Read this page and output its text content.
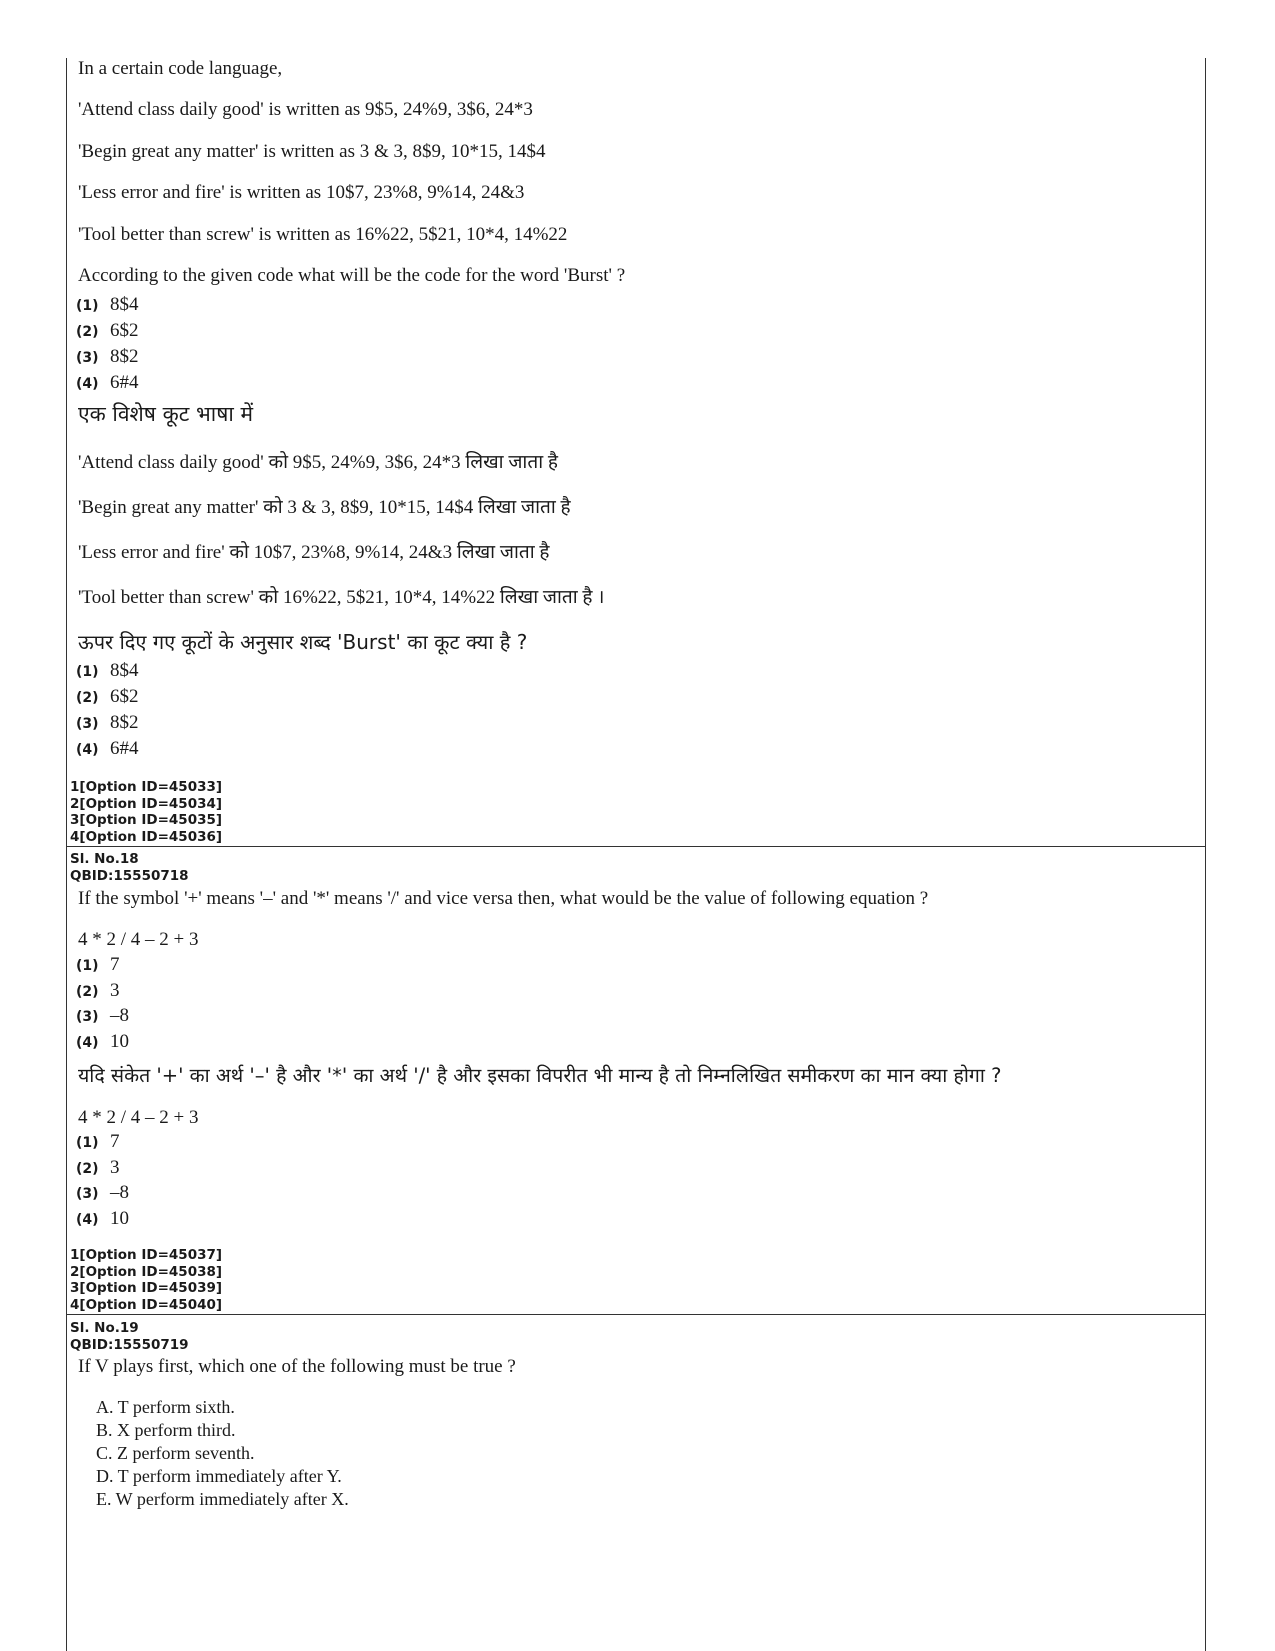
In a certain code language,
'Attend class daily good' is written as 9$5, 24%9, 3$6, 24*3
'Begin great any matter' is written as 3 & 3, 8$9, 10*15, 14$4
'Less error and fire' is written as 10$7, 23%8, 9%14, 24&3
'Tool better than screw' is written as 16%22, 5$21, 10*4, 14%22
According to the given code what will be the code for the word 'Burst' ?
(1) 8$4
(2) 6$2
(3) 8$2
(4) 6#4
एक विशेष कूट भाषा में
'Attend class daily good' को 9$5, 24%9, 3$6, 24*3 लिखा जाता है
'Begin great any matter' को 3 & 3, 8$9, 10*15, 14$4 लिखा जाता है
'Less error and fire' को 10$7, 23%8, 9%14, 24&3 लिखा जाता है
'Tool better than screw' को 16%22, 5$21, 10*4, 14%22 लिखा जाता है ।
ऊपर दिए गए कूटों के अनुसार शब्द 'Burst' का कूट क्या है ?
(1) 8$4
(2) 6$2
(3) 8$2
(4) 6#4
1[Option ID=45033]
2[Option ID=45034]
3[Option ID=45035]
4[Option ID=45036]
Sl. No.18
QBID:15550718
If the symbol '+' means '–' and '*' means '/' and vice versa then, what would be the value of following equation ?
4 * 2 / 4 – 2 + 3
(1) 7
(2) 3
(3) –8
(4) 10
यदि संकेत '+' का अर्थ '–' है और '*' का अर्थ '/' है और इसका विपरीत भी मान्य है तो निम्नलिखित समीकरण का मान क्या होगा ?
4 * 2 / 4 – 2 + 3
(1) 7
(2) 3
(3) –8
(4) 10
1[Option ID=45037]
2[Option ID=45038]
3[Option ID=45039]
4[Option ID=45040]
Sl. No.19
QBID:15550719
If V plays first, which one of the following must be true ?
A. T perform sixth.
B. X perform third.
C. Z perform seventh.
D. T perform immediately after Y.
E. W perform immediately after X.
